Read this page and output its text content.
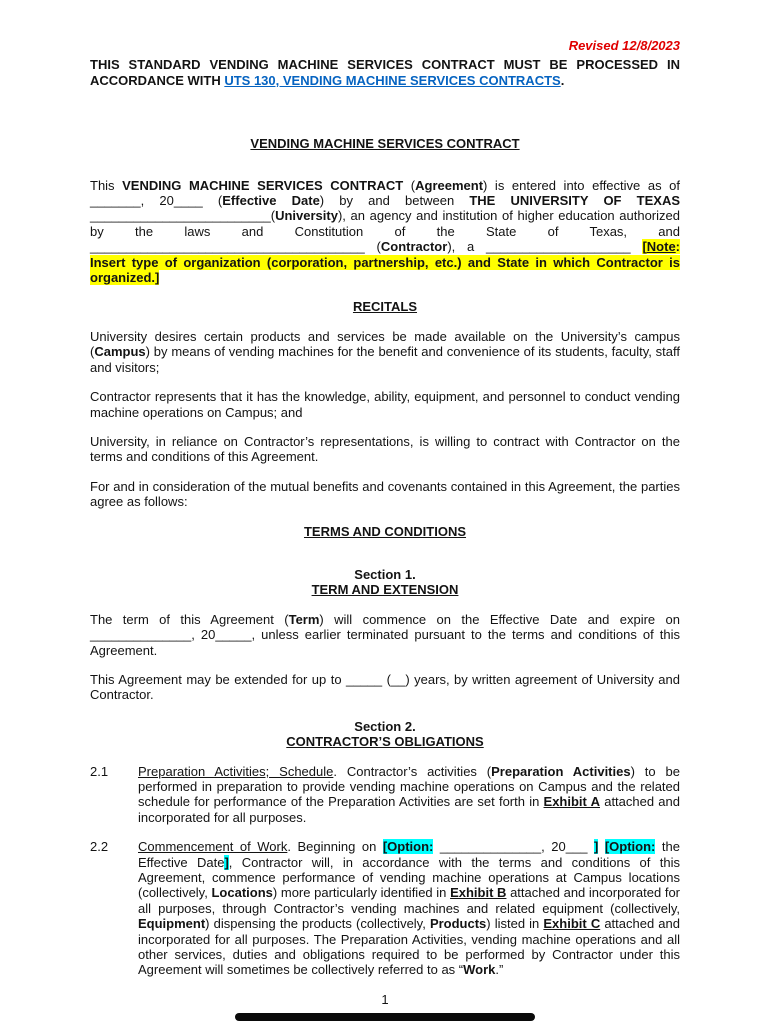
Revised 12/8/2023

THIS STANDARD VENDING MACHINE SERVICES CONTRACT MUST BE PROCESSED IN ACCORDANCE WITH UTS 130, VENDING MACHINE SERVICES CONTRACTS.

VENDING MACHINE SERVICES CONTRACT

This VENDING MACHINE SERVICES CONTRACT (Agreement) is entered into effective as of _______, 20____ (Effective Date) by and between THE UNIVERSITY OF TEXAS _________________________(University), an agency and institution of higher education authorized by the laws and Constitution of the State of Texas, and ______________________________________ (Contractor), a ____________________ [Note: Insert type of organization (corporation, partnership, etc.) and State in which Contractor is organized.]

RECITALS

University desires certain products and services be made available on the University’s campus (Campus) by means of vending machines for the benefit and convenience of its students, faculty, staff and visitors;

Contractor represents that it has the knowledge, ability, equipment, and personnel to conduct vending machine operations on Campus; and

University, in reliance on Contractor’s representations, is willing to contract with Contractor on the terms and conditions of this Agreement.

For and in consideration of the mutual benefits and covenants contained in this Agreement, the parties agree as follows:

TERMS AND CONDITIONS
Section 1.
TERM AND EXTENSION

The term of this Agreement (Term) will commence on the Effective Date and expire on ______________, 20_____, unless earlier terminated pursuant to the terms and conditions of this Agreement.

This Agreement may be extended for up to _____ (__) years, by written agreement of University and Contractor.

Section 2.
CONTRACTOR’S OBLIGATIONS
2.1	Preparation Activities; Schedule. Contractor’s activities (Preparation Activities) to be performed in preparation to provide vending machine operations on Campus and the related schedule for performance of the Preparation Activities are set forth in Exhibit A attached and incorporated for all purposes.
2.2	Commencement of Work. Beginning on [Option: ______________, 20___ ] [Option: the Effective Date], Contractor will, in accordance with the terms and conditions of this Agreement, commence performance of vending machine operations at Campus locations (collectively, Locations) more particularly identified in Exhibit B attached and incorporated for all purposes, through Contractor’s vending machines and related equipment (collectively, Equipment) dispensing the products (collectively, Products) listed in Exhibit C attached and incorporated for all purposes. The Preparation Activities, vending machine operations and all other services, duties and obligations required to be performed by Contractor under this Agreement will sometimes be collectively referred to as “Work.”
1
